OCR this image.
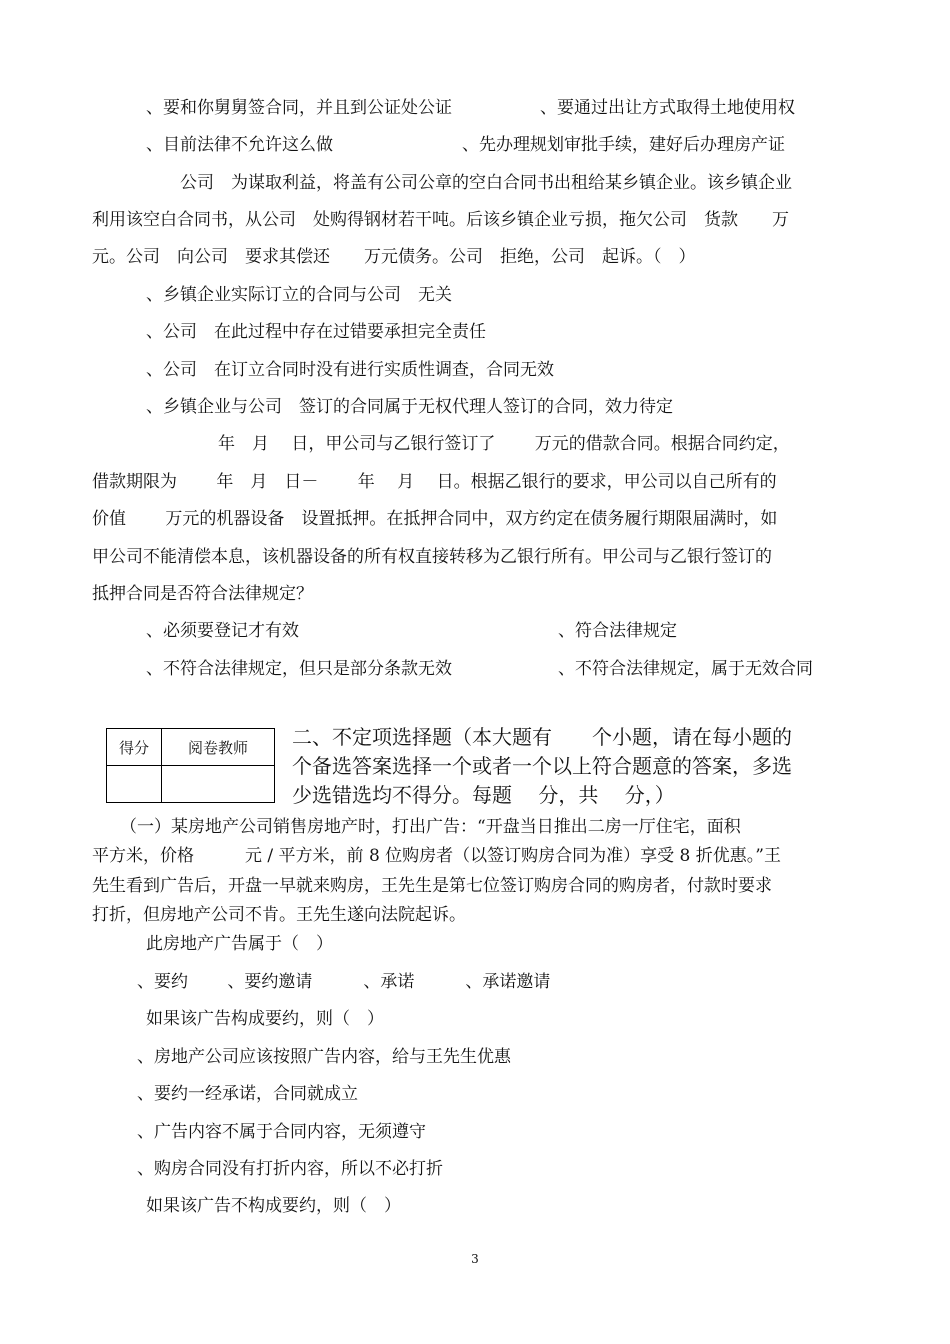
、要和你舅舅签合同，并且到公证处公证	、要通过出让方式取得土地使用权
、目前法律不允许这么做	、先办理规划审批手续，建好后办理房产证
公司　为谋取利益，将盖有公司公章的空白合同书出租给某乡镇企业。该乡镇企业
利用该空白合同书，从公司　处购得钢材若干吨。后该乡镇企业亏损，拖欠公司　货款　　万
元。公司　向公司　要求其偿还　　万元债务。公司　拒绝，公司　起诉。（　）
、乡镇企业实际订立的合同与公司　无关
、公司　在此过程中存在过错要承担完全责任
、公司　在订立合同时没有进行实质性调查，合同无效
、乡镇企业与公司　签订的合同属于无权代理人签订的合同，效力待定
年　月　 日，甲公司与乙银行签订了　　 万元的借款合同。根据合同约定，
借款期限为　　 年　月　日－　　 年　 月　 日。根据乙银行的要求，甲公司以自己所有的
价值　　 万元的机器设备　设置抵押。在抵押合同中，双方约定在债务履行期限届满时，如
甲公司不能清偿本息，该机器设备的所有权直接转移为乙银行所有。甲公司与乙银行签订的
抵押合同是否符合法律规定？
、必须要登记才有效	、符合法律规定
、不符合法律规定，但只是部分条款无效	、不符合法律规定，属于无效合同
得分	阅卷教师
	二、不定项选择题（本大题有　　个小题，请在每小题的
个备选答案选择一个或者一个以上符合题意的答案，多选
少选错选均不得分。每题　 分，共　 分，）
（一）某房地产公司销售房地产时，打出广告：“开盘当日推出二房一厅住宅，面积
平方米，价格　　　元 / 平方米，前 8 位购房者（以签订购房合同为准）享受 8 折优惠。”王
先生看到广告后，开盘一早就来购房，王先生是第七位签订购房合同的购房者，付款时要求
打折，但房地产公司不肯。王先生遂向法院起诉。
此房地产广告属于（　）
、要约　　 、要约邀请　　　、承诺　　　、承诺邀请
如果该广告构成要约，则（　）
、房地产公司应该按照广告内容，给与王先生优惠
、要约一经承诺，合同就成立
、广告内容不属于合同内容，无须遵守
、购房合同没有打折内容，所以不必打折
如果该广告不构成要约，则（　）
3
